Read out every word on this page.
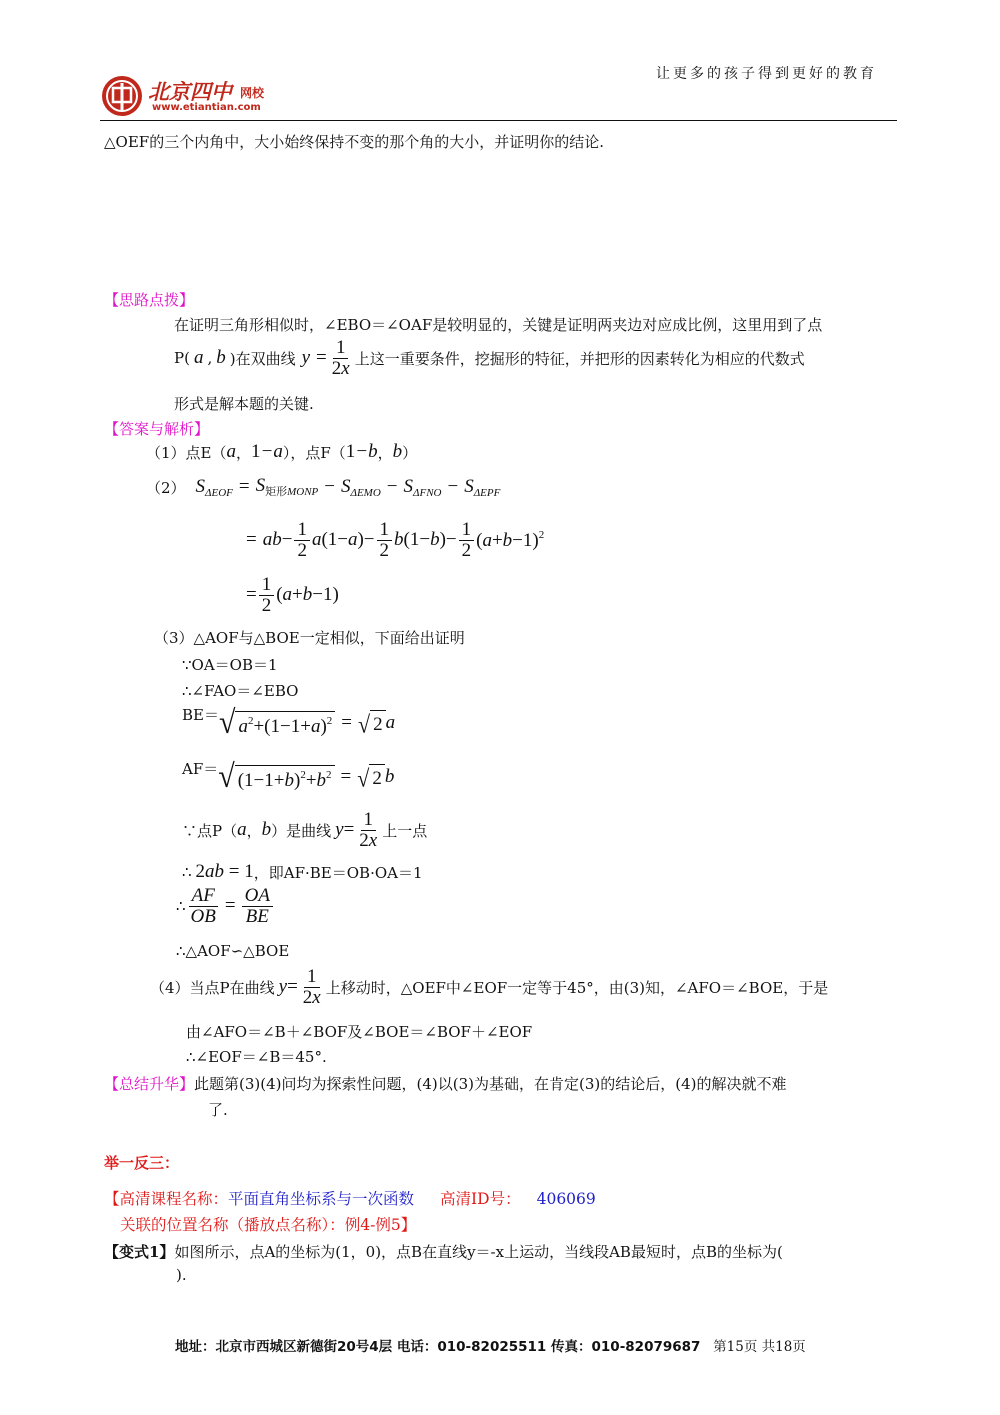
北京四中 网校
www.etiantian.com
让更多的孩子得到更好的教育
△OEF的三个内角中，大小始终保持不变的那个角的大小，并证明你的结论.
【思路点拨】
在证明三角形相似时，∠EBO＝∠OAF是较明显的，关键是证明两夹边对应成比例，这里用到了点
P( a , b )在双曲线 $y = \frac{1}{2x}$ 上这一重要条件，挖掘形的特征，并把形的因素转化为相应的代数式
形式是解本题的关键.
【答案与解析】
（1）点E（ a ， 1−a ），点F（ 1−b ， b ）
（2） $S_{\Delta EOF} = S_{矩形MONP} - S_{\Delta EMO} - S_{\Delta FNO} - S_{\Delta EPF}$
= ab − $\frac{1}{2} a(1-a)- \frac{1}{2} b(1-b)- \frac{1}{2} (a+b-1)^2$
= $\frac{1}{2} (a+b-1)$
（3）△AOF与△BOE一定相似，下面给出证明
∵OA＝OB＝1
∴∠FAO＝∠EBO
BE＝ √ $a^2+(1-1+a)^2$ = √ 2 a
AF＝ √ $(1-1+b)^2+b^2$ = √ 2 b
∵点P（ a ， b ）是曲线 $y = \frac{1}{2x}$ 上一点
∴ 2ab = 1 ，即AF·BE＝OB·OA＝1
∴ $\frac{AF}{OB} = \frac{OA}{BE}$
∴△AOF∽△BOE
（4）当点P在曲线 $y = \frac{1}{2x}$ 上移动时，△OEF中∠EOF一定等于45°，由(3)知，∠AFO＝∠BOE，于是
由∠AFO＝∠B＋∠BOF及∠BOE＝∠BOF＋∠EOF
∴∠EOF＝∠B＝45°.
【总结升华】此题第(3)(4)问均为探索性问题，(4)以(3)为基础，在肯定(3)的结论后，(4)的解决就不难
了.
举一反三：
【高清课程名称：平面直角坐标系与一次函数 高清ID号： 406069
关联的位置名称（播放点名称）：例4-例5】
【变式1】如图所示，点A的坐标为(1，0)，点B在直线y＝-x上运动，当线段AB最短时，点B的坐标为(
).
地址：北京市西城区新德街20号4层 电话：010-82025511 传真：010-82079687 第15页 共18页
